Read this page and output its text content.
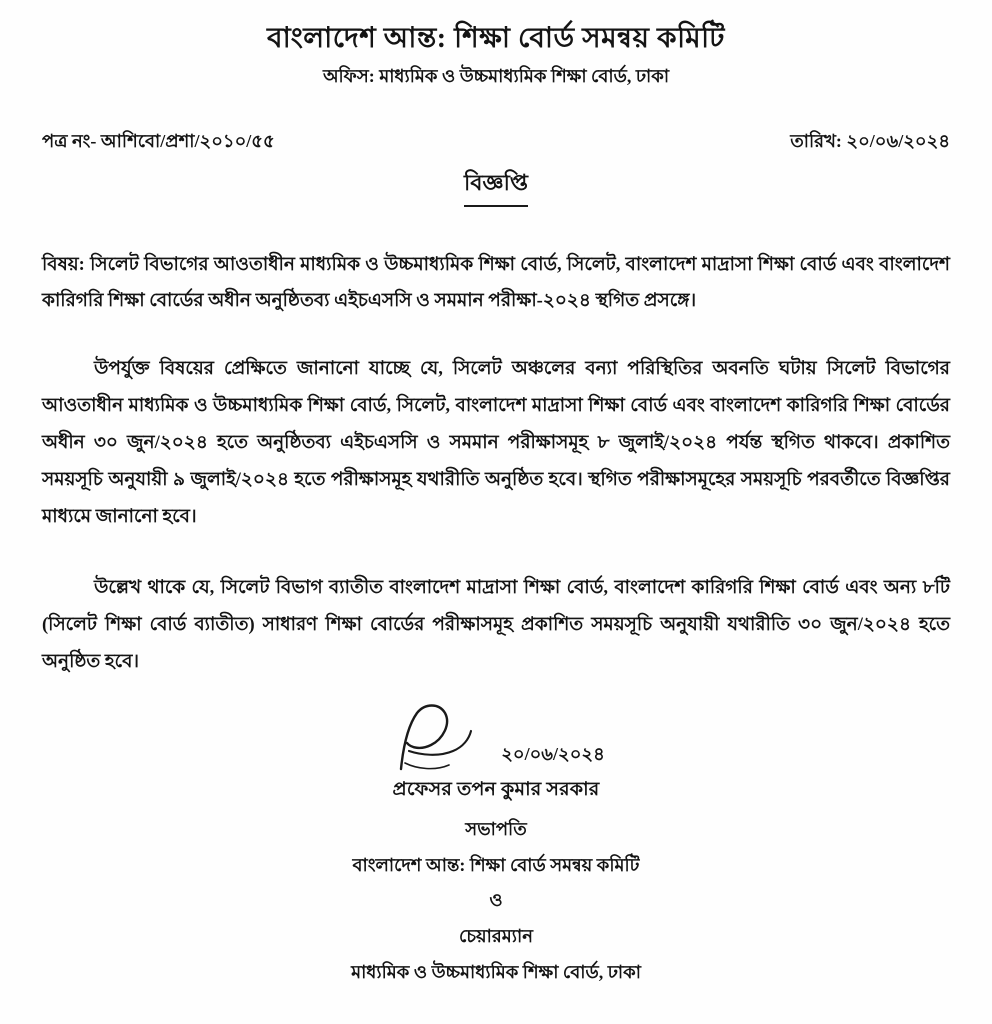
বাংলাদেশ আন্ত: শিক্ষা বোর্ড সমন্বয় কমিটি
অফিস: মাধ্যমিক ও উচ্চমাধ্যমিক শিক্ষা বোর্ড, ঢাকা
পত্র নং- আশিবো/প্রশা/২০১০/৫৫	তারিখ: ২০/০৬/২০২৪
বিজ্ঞপ্তি
বিষয়: সিলেট বিভাগের আওতাধীন মাধ্যমিক ও উচ্চমাধ্যমিক শিক্ষা বোর্ড, সিলেট, বাংলাদেশ মাদ্রাসা শিক্ষা বোর্ড এবং বাংলাদেশ কারিগরি শিক্ষা বোর্ডের অধীন অনুষ্ঠিতব্য এইচএসসি ও সমমান পরীক্ষা-২০২৪ স্থগিত প্রসঙ্গে।
উপর্যুক্ত বিষয়ের প্রেক্ষিতে জানানো যাচ্ছে যে, সিলেট অঞ্চলের বন্যা পরিস্থিতির অবনতি ঘটায় সিলেট বিভাগের আওতাধীন মাধ্যমিক ও উচ্চমাধ্যমিক শিক্ষা বোর্ড, সিলেট, বাংলাদেশ মাদ্রাসা শিক্ষা বোর্ড এবং বাংলাদেশ কারিগরি শিক্ষা বোর্ডের অধীন ৩০ জুন/২০২৪ হতে অনুষ্ঠিতব্য এইচএসসি ও সমমান পরীক্ষাসমূহ ৮ জুলাই/২০২৪ পর্যন্ত স্থগিত থাকবে। প্রকাশিত সময়সূচি অনুযায়ী ৯ জুলাই/২০২৪ হতে পরীক্ষাসমূহ যথারীতি অনুষ্ঠিত হবে। স্থগিত পরীক্ষাসমূহের সময়সূচি পরবর্তীতে বিজ্ঞপ্তির মাধ্যমে জানানো হবে।
উল্লেখ থাকে যে, সিলেট বিভাগ ব্যাতীত বাংলাদেশ মাদ্রাসা শিক্ষা বোর্ড, বাংলাদেশ কারিগরি শিক্ষা বোর্ড এবং অন্য ৮টি (সিলেট শিক্ষা বোর্ড ব্যাতীত) সাধারণ শিক্ষা বোর্ডের পরীক্ষাসমূহ প্রকাশিত সময়সূচি অনুযায়ী যথারীতি ৩০ জুন/২০২৪ হতে অনুষ্ঠিত হবে।
২০/০৬/২০২৪
প্রফেসর তপন কুমার সরকার
সভাপতি
বাংলাদেশ আন্ত: শিক্ষা বোর্ড সমন্বয় কমিটি
ও
চেয়ারম্যান
মাধ্যমিক ও উচ্চমাধ্যমিক শিক্ষা বোর্ড, ঢাকা
